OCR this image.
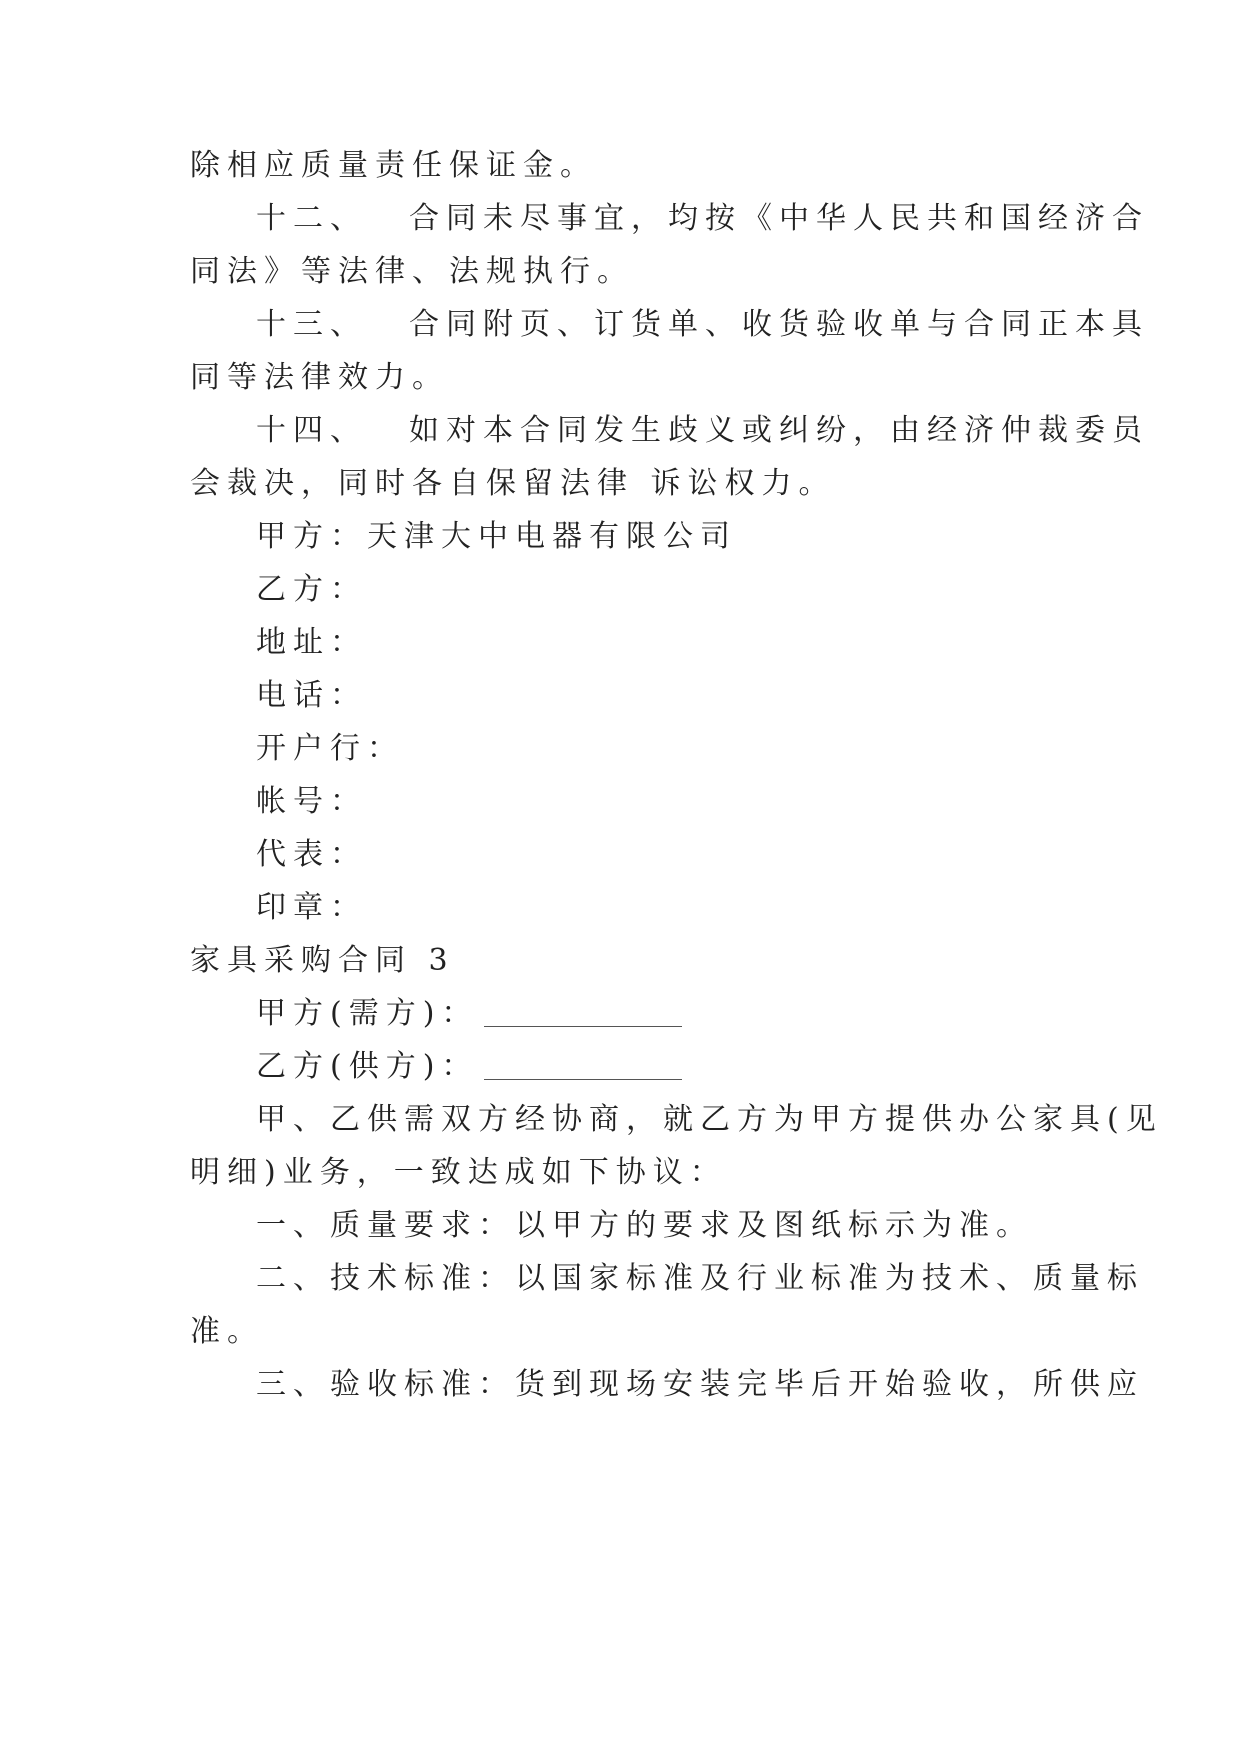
除相应质量责任保证金。
十二、 合同未尽事宜，均按《中华人民共和国经济合
同法》等法律、法规执行。
十三、 合同附页、订货单、收货验收单与合同正本具
同等法律效力。
十四、 如对本合同发生歧义或纠纷，由经济仲裁委员
会裁决，同时各自保留法律 诉讼权力。
甲方：天津大中电器有限公司
乙方：
地址：
电话：
开户行：
帐号：
代表：
印章：
家具采购合同 3
甲方(需方)：
乙方(供方)：
甲、乙供需双方经协商，就乙方为甲方提供办公家具(见
明细)业务，一致达成如下协议：
一、质量要求：以甲方的要求及图纸标示为准。
二、技术标准：以国家标准及行业标准为技术、质量标
准。
三、验收标准：货到现场安装完毕后开始验收，所供应
